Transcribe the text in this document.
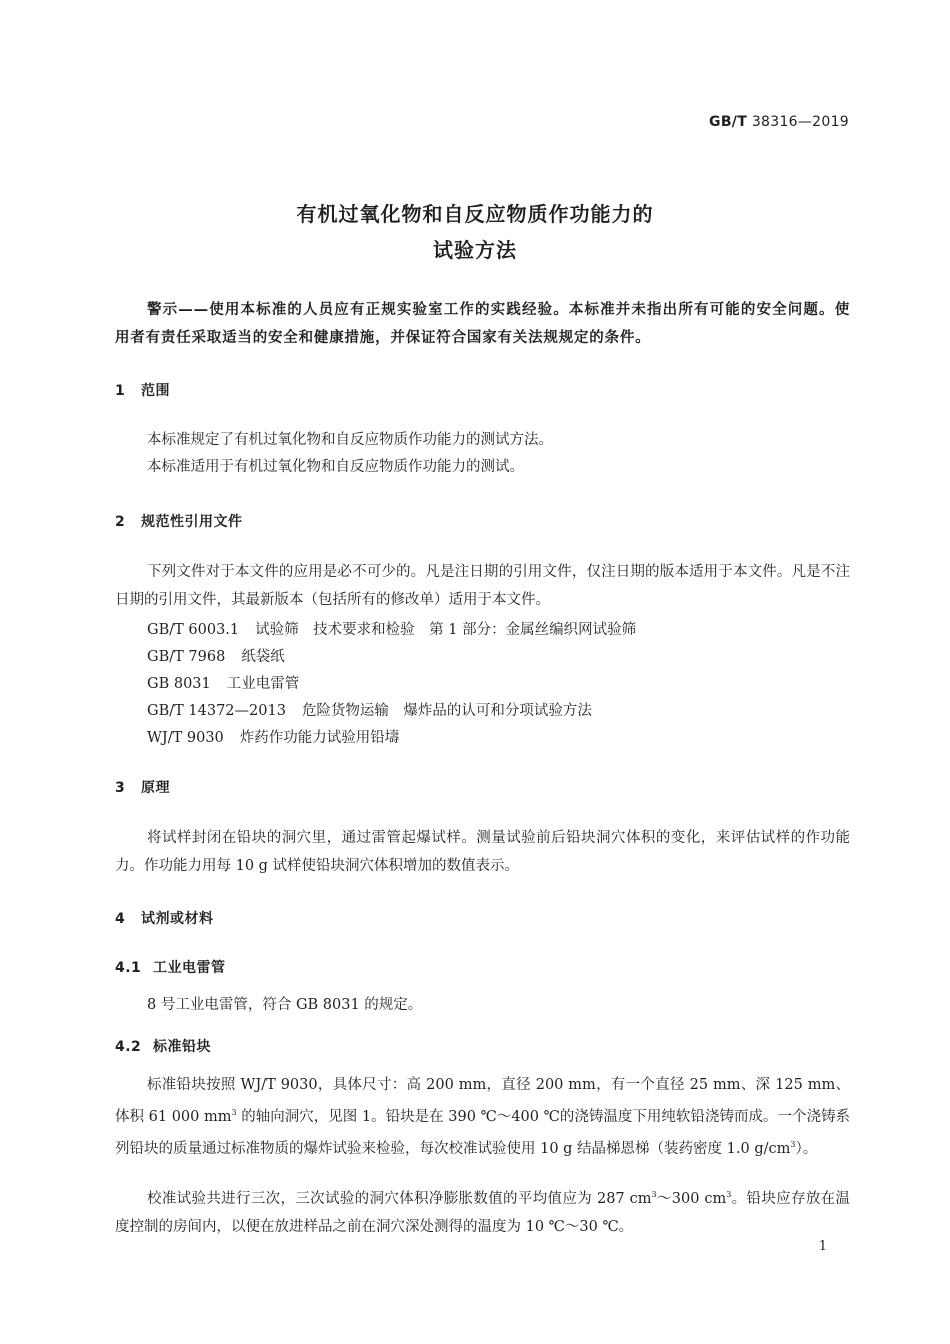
GB/T 38316—2019
有机过氧化物和自反应物质作功能力的
试验方法
警示——使用本标准的人员应有正规实验室工作的实践经验。本标准并未指出所有可能的安全问题。使用者有责任采取适当的安全和健康措施，并保证符合国家有关法规规定的条件。
1 范围
本标准规定了有机过氧化物和自反应物质作功能力的测试方法。
本标准适用于有机过氧化物和自反应物质作功能力的测试。
2 规范性引用文件
下列文件对于本文件的应用是必不可少的。凡是注日期的引用文件，仅注日期的版本适用于本文件。凡是不注日期的引用文件，其最新版本（包括所有的修改单）适用于本文件。
GB/T 6003.1 试验筛　技术要求和检验　第 1 部分：金属丝编织网试验筛
GB/T 7968 纸袋纸
GB 8031 工业电雷管
GB/T 14372—2013 危险货物运输　爆炸品的认可和分项试验方法
WJ/T 9030 炸药作功能力试验用铅壔
3 原理
将试样封闭在铅块的洞穴里，通过雷管起爆试样。测量试验前后铅块洞穴体积的变化，来评估试样的作功能力。作功能力用每 10 g 试样使铅块洞穴体积增加的数值表示。
4 试剂或材料
4.1 工业电雷管
8 号工业电雷管，符合 GB 8031 的规定。
4.2 标准铅块
标准铅块按照 WJ/T 9030，具体尺寸：高 200 mm，直径 200 mm，有一个直径 25 mm、深 125 mm、体积 61 000 $mm^3$ 的轴向洞穴，见图 1。铅块是在 390 ℃～400 ℃的浇铸温度下用纯软铅浇铸而成。一个浇铸系列铅块的质量通过标准物质的爆炸试验来检验，每次校准试验使用 10 g 结晶梯恩梯（装药密度 1.0 $g/cm^3$）。
校准试验共进行三次，三次试验的洞穴体积净膨胀数值的平均值应为 287 $cm^3\sim 300$ $cm^3$。铅块应存放在温度控制的房间内，以便在放进样品之前在洞穴深处测得的温度为 10 ℃～30 ℃。
1
